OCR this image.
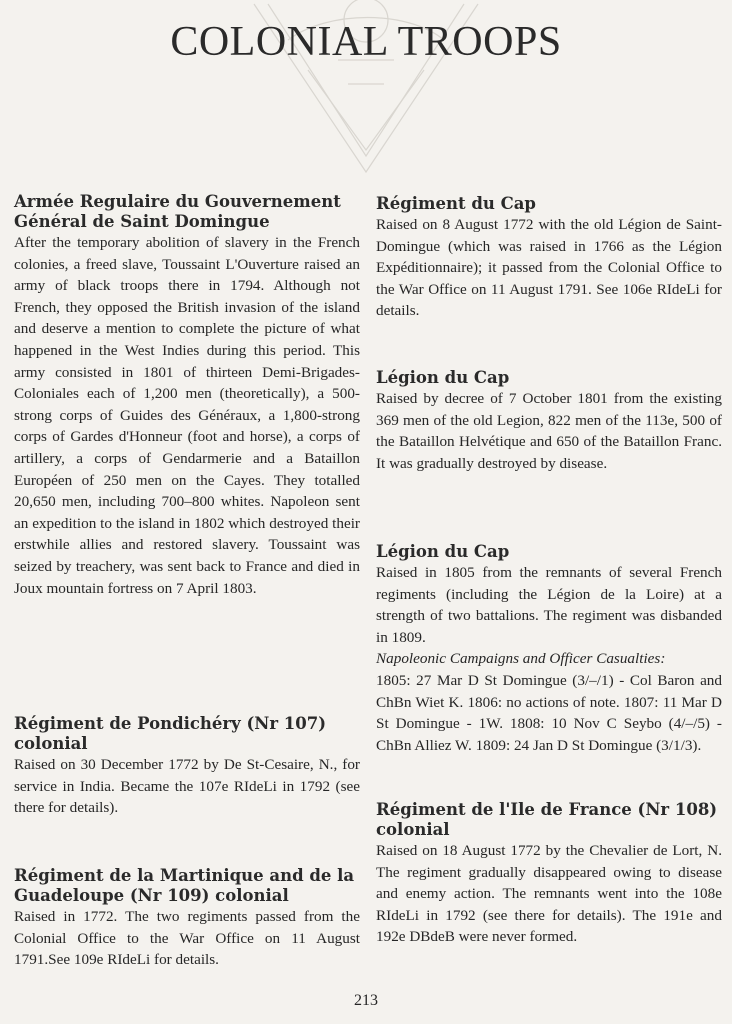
COLONIAL TROOPS
Armée Regulaire du Gouvernement Général de Saint Domingue

After the temporary abolition of slavery in the French colonies, a freed slave, Toussaint L'Ouverture raised an army of black troops there in 1794. Although not French, they opposed the British invasion of the island and deserve a mention to complete the picture of what happened in the West Indies during this period. This army consisted in 1801 of thirteen Demi-Brigades-Coloniales each of 1,200 men (theoretically), a 500-strong corps of Guides des Généraux, a 1,800-strong corps of Gardes d'Honneur (foot and horse), a corps of artillery, a corps of Gendarmerie and a Bataillon Européen of 250 men on the Cayes. They totalled 20,650 men, including 700–800 whites. Napoleon sent an expedition to the island in 1802 which destroyed their erstwhile allies and restored slavery. Toussaint was seized by treachery, was sent back to France and died in Joux mountain fortress on 7 April 1803.

Régiment de Pondichéry (Nr 107) colonial

Raised on 30 December 1772 by De St-Cesaire, N., for service in India. Became the 107e RIdeLi in 1792 (see there for details).

Régiment de la Martinique and de la Guadeloupe (Nr 109) colonial

Raised in 1772. The two regiments passed from the Colonial Office to the War Office on 11 August 1791.See 109e RIdeLi for details.

Régiment du Cap

Raised on 8 August 1772 with the old Légion de Saint-Domingue (which was raised in 1766 as the Légion Expéditionnaire); it passed from the Colonial Office to the War Office on 11 August 1791. See 106e RIdeLi for details.

Légion du Cap

Raised by decree of 7 October 1801 from the existing 369 men of the old Legion, 822 men of the 113e, 500 of the Bataillon Helvétique and 650 of the Bataillon Franc. It was gradually destroyed by disease.

Légion du Cap

Raised in 1805 from the remnants of several French regiments (including the Légion de la Loire) at a strength of two battalions. The regiment was disbanded in 1809.

Napoleonic Campaigns and Officer Casualties:

1805: 27 Mar D St Domingue (3/–/1) - Col Baron and ChBn Wiet K. 1806: no actions of note. 1807: 11 Mar D St Domingue - 1W. 1808: 10 Nov C Seybo (4/–/5) - ChBn Alliez W. 1809: 24 Jan D St Domingue (3/1/3).

Régiment de l'Ile de France (Nr 108) colonial

Raised on 18 August 1772 by the Chevalier de Lort, N. The regiment gradually disappeared owing to disease and enemy action. The remnants went into the 108e RIdeLi in 1792 (see there for details). The 191e and 192e DBdeB were never formed.

213
